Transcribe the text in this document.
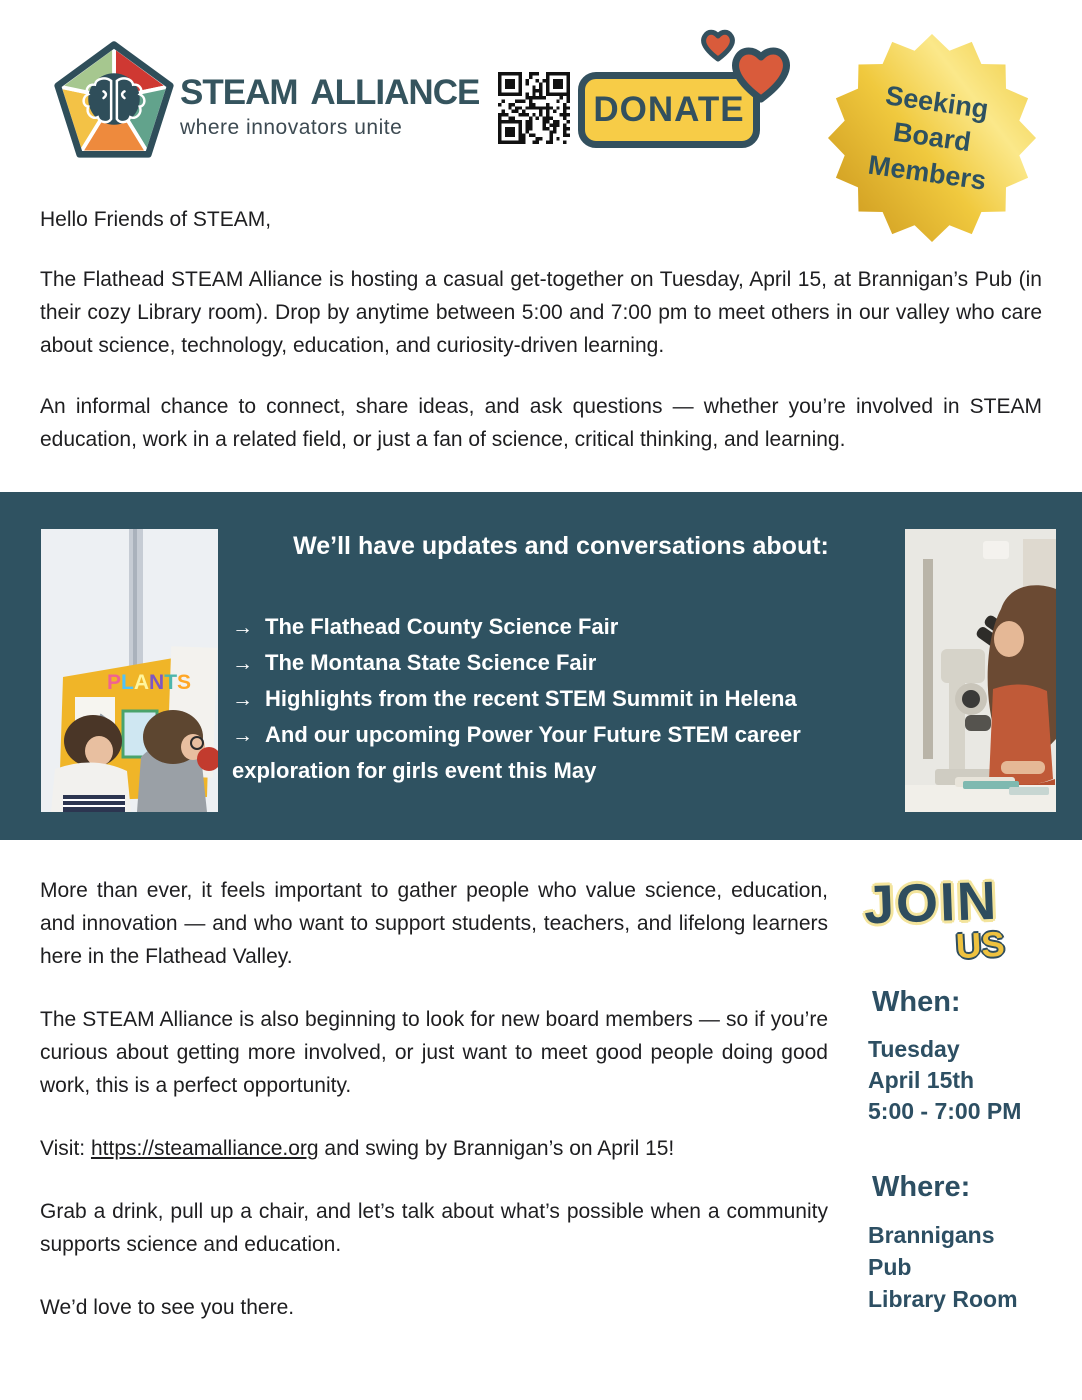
steam alliance
where innovators unite	DONATE	Seeking
Board
Members

Hello Friends of STEAM,

The Flathead STEAM Alliance is hosting a casual get-together on Tuesday, April 15, at Brannigan’s Pub (in their cozy Library room). Drop by anytime between 5:00 and 7:00 pm to meet others in our valley who care about science, technology, education, and curiosity-driven learning.

An informal chance to connect, share ideas, and ask questions — whether you’re involved in STEAM education, work in a related field, or just a fan of science, critical thinking, and learning.

PLANTS
We’ll have updates and conversations about:
→ The Flathead County Science Fair
→ The Montana State Science Fair
→ Highlights from the recent STEM Summit in Helena
→ And our upcoming Power Your Future STEM career exploration for girls event this May

More than ever, it feels important to gather people who value science, education, and innovation — and who want to support students, teachers, and lifelong learners here in the Flathead Valley.

The STEAM Alliance is also beginning to look for new board members — so if you’re curious about getting more involved, or just want to meet good people doing good work, this is a perfect opportunity.

Visit: https://steamalliance.org and swing by Brannigan’s on April 15!

Grab a drink, pull up a chair, and let’s talk about what’s possible when a community supports science and education.

We’d love to see you there.

JOIN
US
When:
Tuesday
April 15th
5:00 - 7:00 PM
Where:
Brannigans Pub
Library Room
